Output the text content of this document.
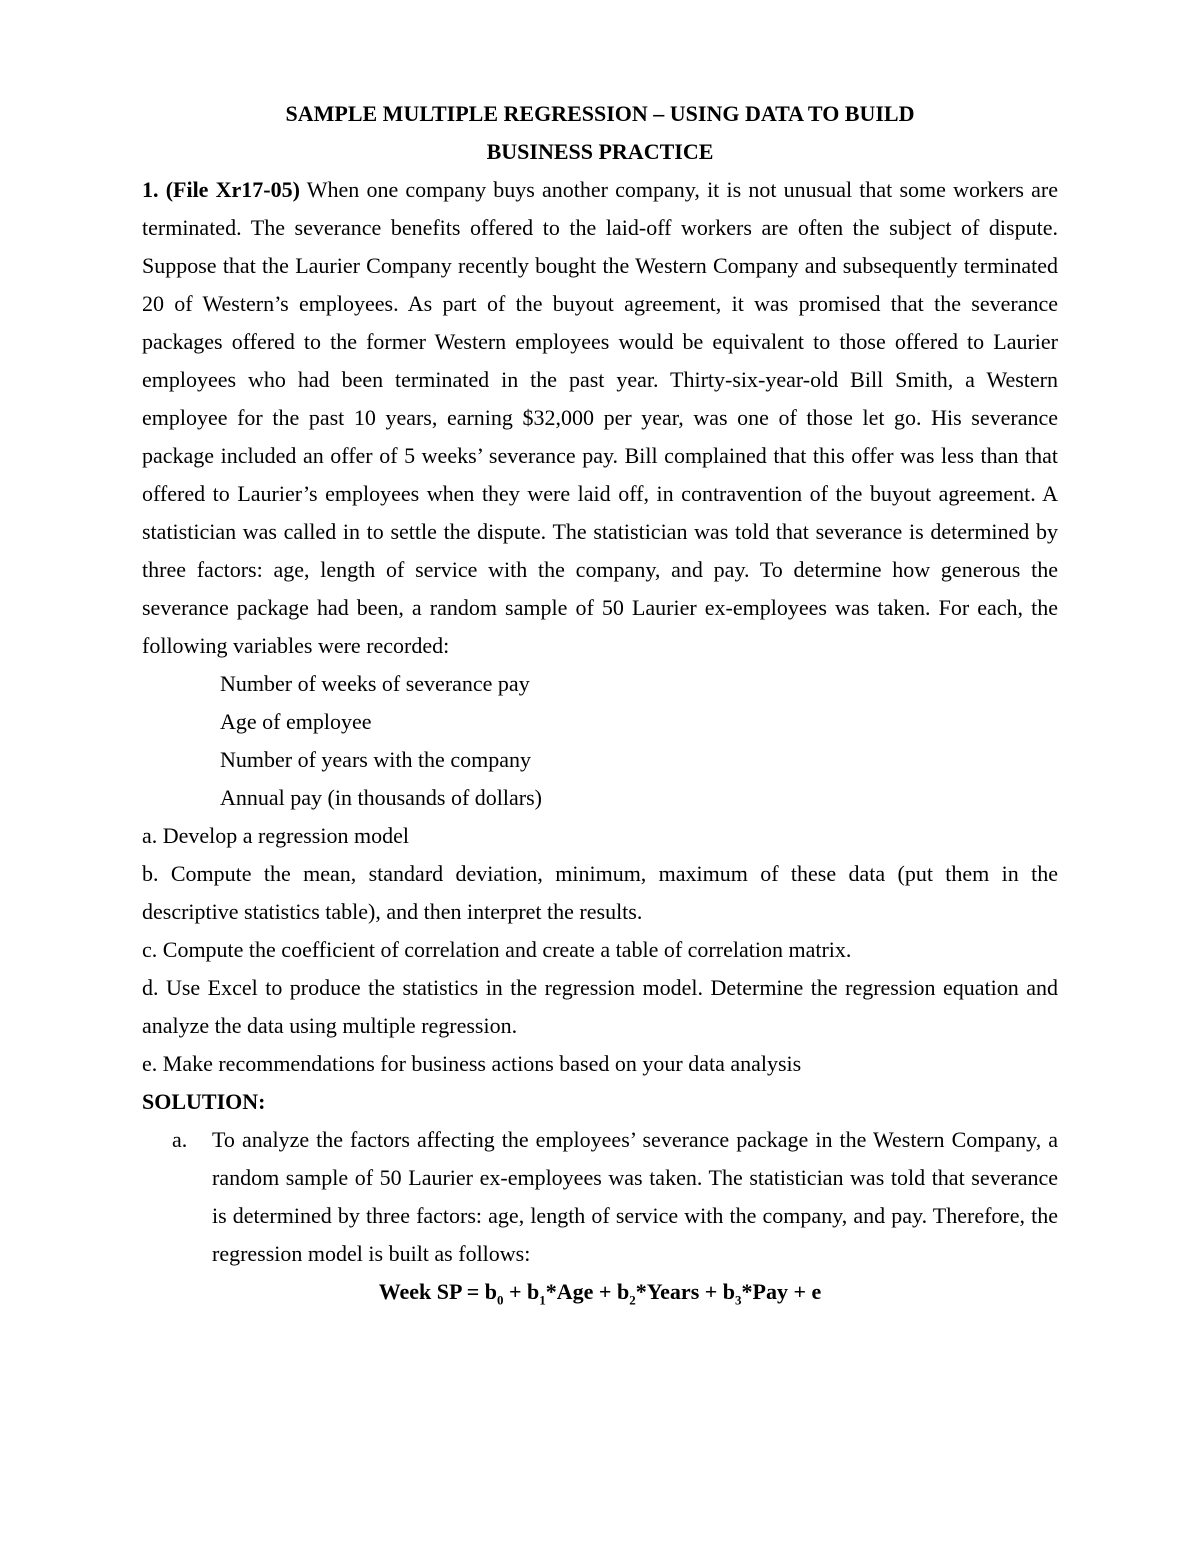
SAMPLE MULTIPLE REGRESSION – USING DATA TO BUILD

BUSINESS PRACTICE

1. (File Xr17-05) When one company buys another company, it is not unusual that some workers are terminated. The severance benefits offered to the laid-off workers are often the subject of dispute. Suppose that the Laurier Company recently bought the Western Company and subsequently terminated 20 of Western’s employees. As part of the buyout agreement, it was promised that the severance packages offered to the former Western employees would be equivalent to those offered to Laurier employees who had been terminated in the past year. Thirty-six-year-old Bill Smith, a Western employee for the past 10 years, earning $32,000 per year, was one of those let go. His severance package included an offer of 5 weeks’ severance pay. Bill complained that this offer was less than that offered to Laurier’s employees when they were laid off, in contravention of the buyout agreement. A statistician was called in to settle the dispute. The statistician was told that severance is determined by three factors: age, length of service with the company, and pay. To determine how generous the severance package had been, a random sample of 50 Laurier ex-employees was taken. For each, the following variables were recorded:

Number of weeks of severance pay
Age of employee
Number of years with the company
Annual pay (in thousands of dollars)

a. Develop a regression model

b. Compute the mean, standard deviation, minimum, maximum of these data (put them in the descriptive statistics table), and then interpret the results.

c. Compute the coefficient of correlation and create a table of correlation matrix.

d. Use Excel to produce the statistics in the regression model. Determine the regression equation and analyze the data using multiple regression.

e. Make recommendations for business actions based on your data analysis

SOLUTION:

a.	To analyze the factors affecting the employees’ severance package in the Western Company, a random sample of 50 Laurier ex-employees was taken. The statistician was told that severance is determined by three factors: age, length of service with the company, and pay. Therefore, the regression model is built as follows:

Week SP = $b_0 + b_1*Age$ + $b_2*Years + b_3*Pay + e$
